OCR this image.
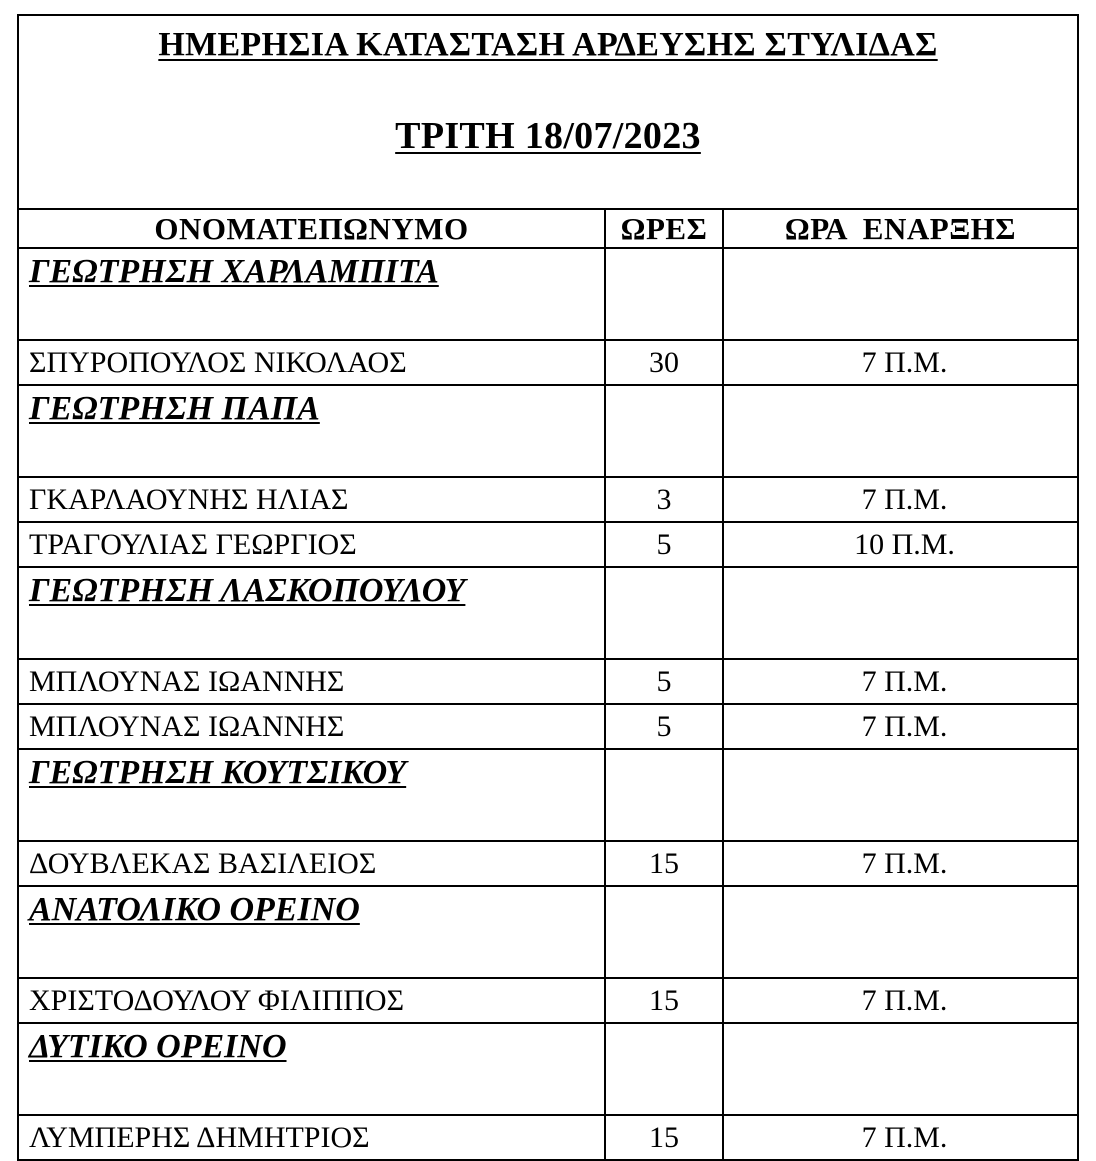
ΗΜΕΡΗΣΙΑ ΚΑΤΑΣΤΑΣΗ ΑΡΔΕΥΣΗΣ ΣΤΥΛΙΔΑΣ
ΤΡΙΤΗ 18/07/2023		

ΟΝΟΜΑΤΕΠΩΝΥΜΟ	ΩΡΕΣ	ΩΡΑ  ΕΝΑΡΞΗΣ
ΓΕΩΤΡΗΣΗ ΧΑΡΛΑΜΠΙΤΑ		
ΣΠΥΡΟΠΟΥΛΟΣ ΝΙΚΟΛΑΟΣ	30	7 Π.Μ.
ΓΕΩΤΡΗΣΗ ΠΑΠΑ		
ΓΚΑΡΛΑΟΥΝΗΣ ΗΛΙΑΣ	3	7 Π.Μ.
ΤΡΑΓΟΥΛΙΑΣ ΓΕΩΡΓΙΟΣ	5	10 Π.Μ.
ΓΕΩΤΡΗΣΗ ΛΑΣΚΟΠΟΥΛΟΥ		
ΜΠΛΟΥΝΑΣ ΙΩΑΝΝΗΣ	5	7 Π.Μ.
ΜΠΛΟΥΝΑΣ ΙΩΑΝΝΗΣ	5	7 Π.Μ.
ΓΕΩΤΡΗΣΗ ΚΟΥΤΣΙΚΟΥ		
ΔΟΥΒΛΕΚΑΣ ΒΑΣΙΛΕΙΟΣ	15	7 Π.Μ.
ΑΝΑΤΟΛΙΚΟ ΟΡΕΙΝΟ		
ΧΡΙΣΤΟΔΟΥΛΟΥ ΦΙΛΙΠΠΟΣ	15	7 Π.Μ.
ΔΥΤΙΚΟ ΟΡΕΙΝΟ		
ΛΥΜΠΕΡΗΣ ΔΗΜΗΤΡΙΟΣ	15	7 Π.Μ.
